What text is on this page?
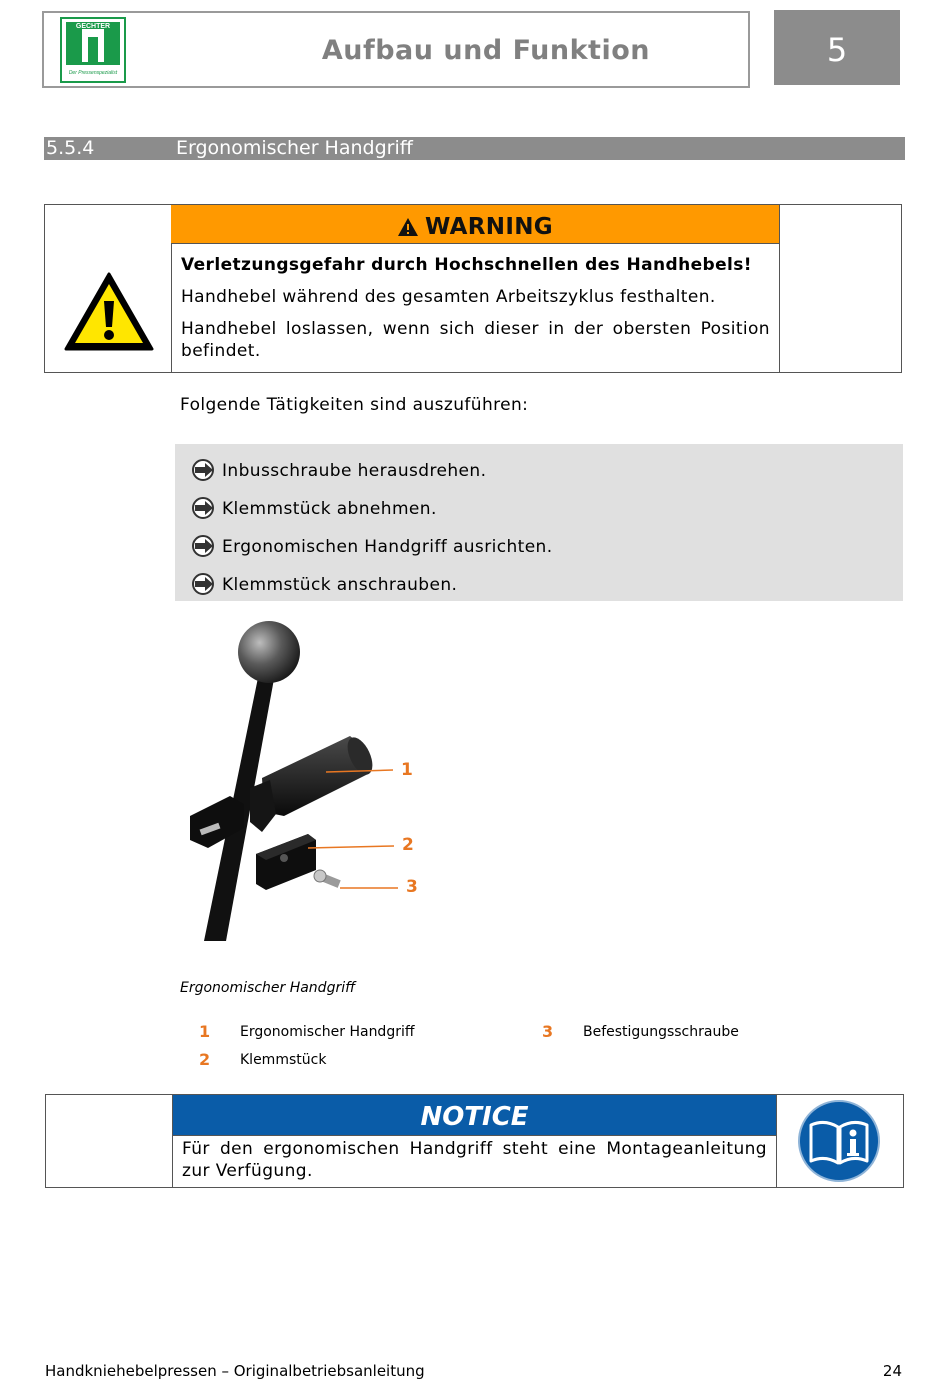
GECHTER
Der Pressenspezialist
Aufbau und Funktion	5
5.5.4	Ergonomischer Handgriff
WARNING

Verletzungsgefahr durch Hochschnellen des Handhebels!

Handhebel während des gesamten Arbeitszyklus festhalten.

Handhebel loslassen, wenn sich dieser in der obersten Position befindet.

Folgende Tätigkeiten sind auszuführen:
Inbusschraube herausdrehen.
Klemmstück abnehmen.
Ergonomischen Handgriff ausrichten.
Klemmstück anschrauben.
1
2
3
Ergonomischer Handgriff
1 Ergonomischer Handgriff
2 Klemmstück
3 Befestigungsschraube
NOTICE
Für den ergonomischen Handgriff steht eine Montageanleitung zur Verfügung.
Handkniehebelpressen – Originalbetriebsanleitung	24
